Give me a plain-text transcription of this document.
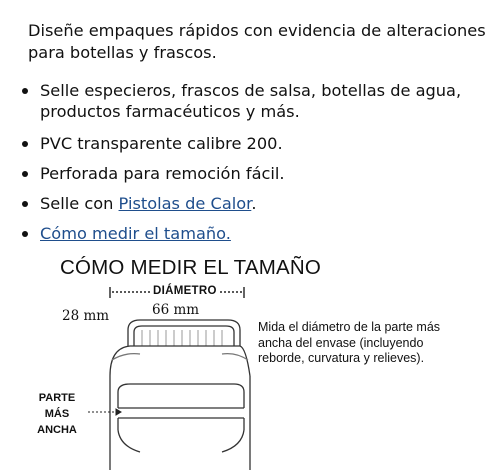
Diseñe empaques rápidos con evidencia de alteraciones para botellas y frascos.

Selle especieros, frascos de salsa, botellas de agua, productos farmacéuticos y más.
PVC transparente calibre 200.
Perforada para remoción fácil.
Selle con Pistolas de Calor.
Cómo medir el tamaño.
CÓMO MEDIR EL TAMAÑO
DIÁMETRO
28 mm	66 mm

Mida el diámetro de la parte más ancha del envase (incluyendo reborde, curvatura y relieves).

PARTE
MÁS
ANCHA
